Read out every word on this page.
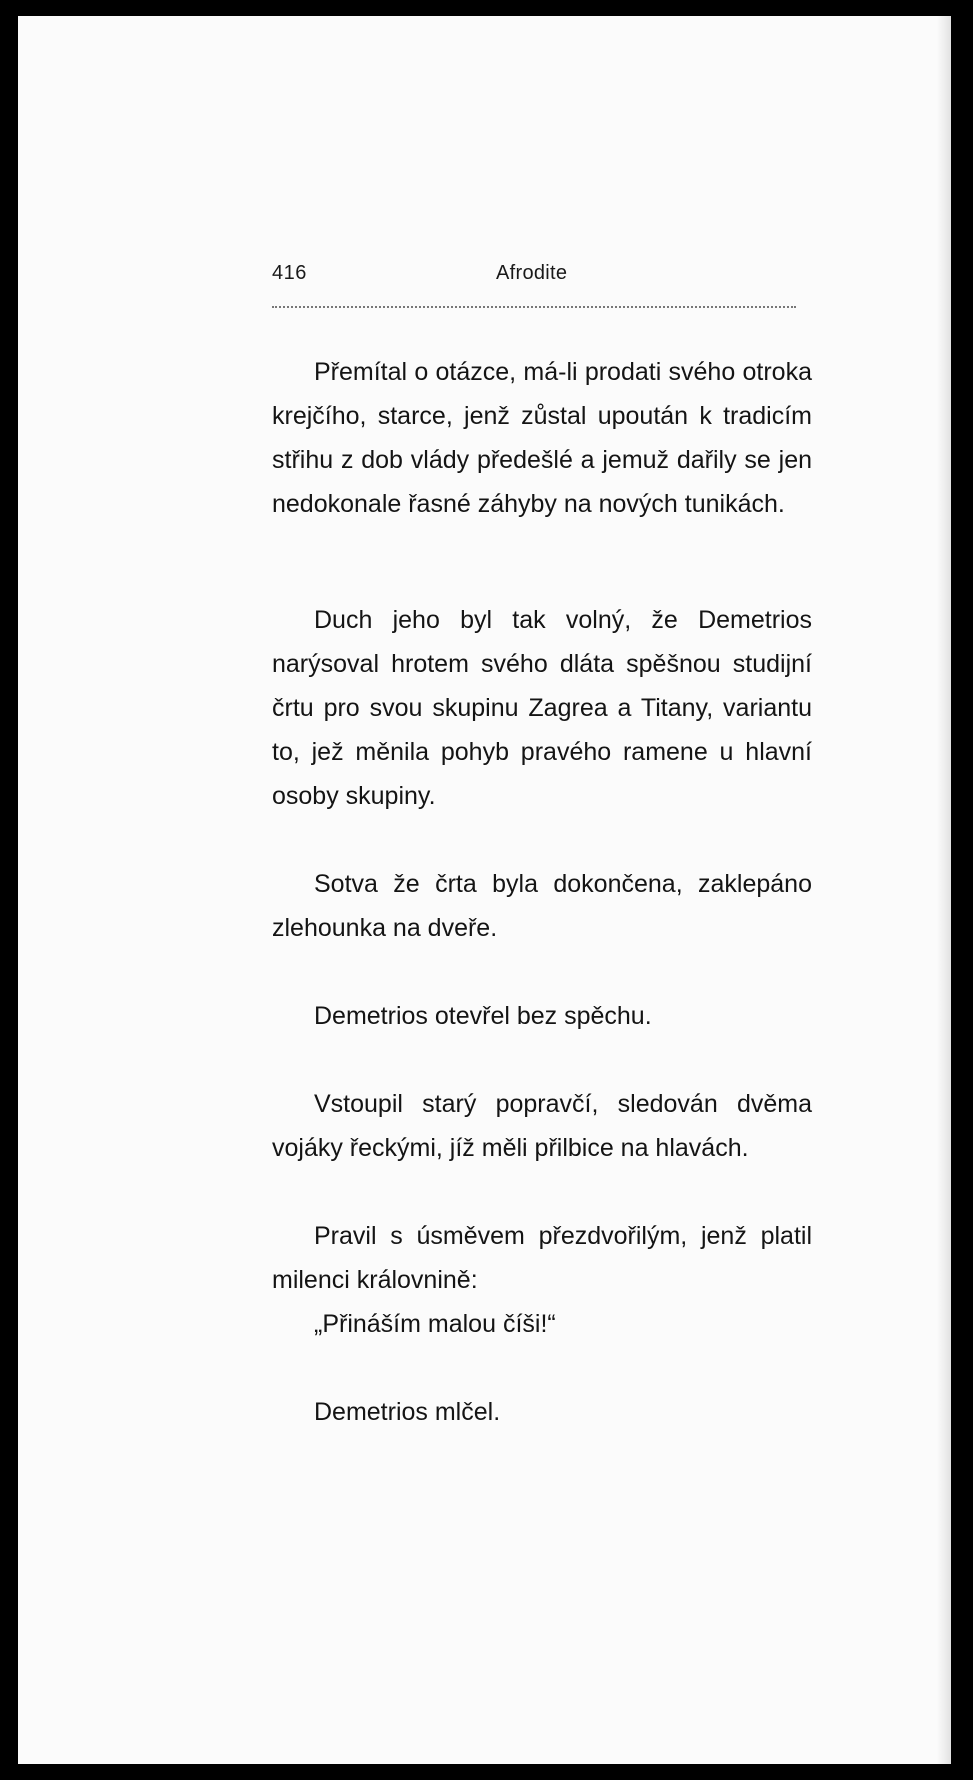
416	Afrodite

Přemítal o otázce, má-li prodati svého otroka krejčího, starce, jenž zůstal upoután k tradicím střihu z dob vlády předešlé a jemuž dařily se jen nedokonale řasné záhyby na nových tunikách.

Duch jeho byl tak volný, že Demetrios narýsoval hrotem svého dláta spěšnou studijní črtu pro svou skupinu Zagrea a Titany, variantu to, jež měnila pohyb pravého ramene u hlavní osoby skupiny.

Sotva že črta byla dokončena, zaklepáno zlehounka na dveře.

Demetrios otevřel bez spěchu.

Vstoupil starý popravčí, sledován dvěma vojáky řeckými, jíž měli přilbice na hlavách.

Pravil s úsměvem přezdvořilým, jenž platil milenci královnině:

„Přináším malou číši!“

Demetrios mlčel.
